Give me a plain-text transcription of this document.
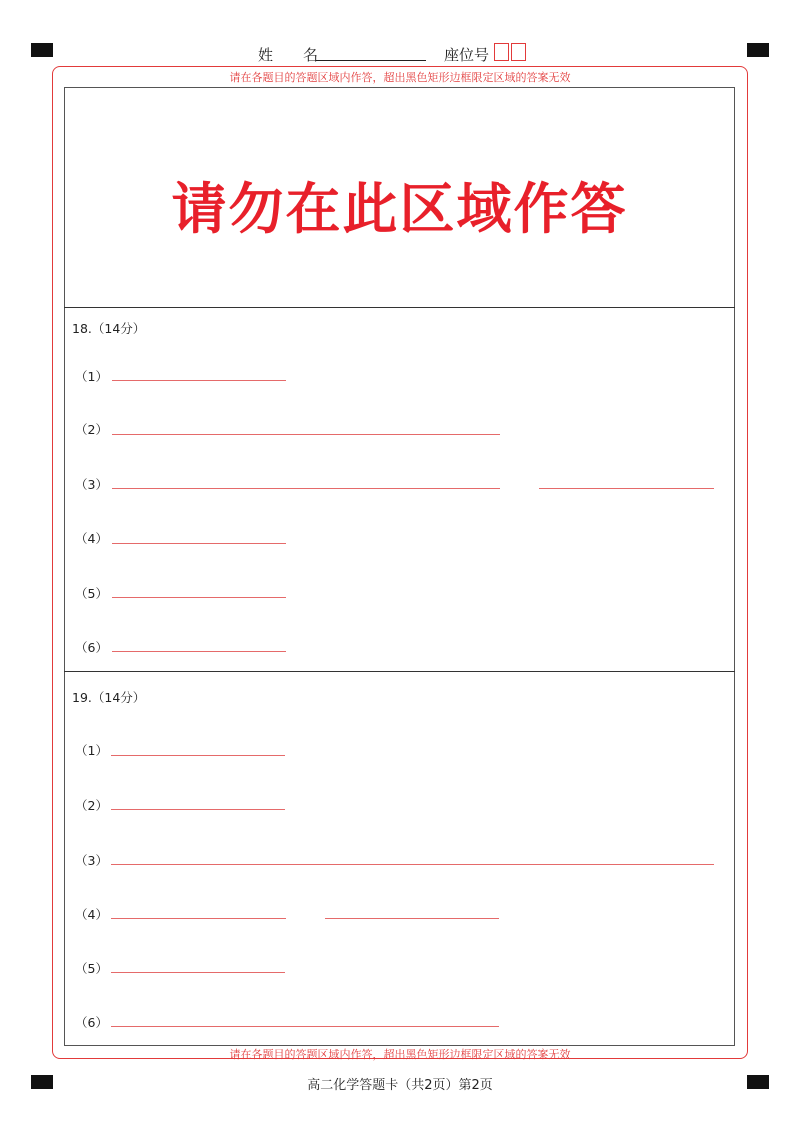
姓　　名	座位号
请在各题目的答题区域内作答，超出黑色矩形边框限定区域的答案无效
请在各题目的答题区域内作答，超出黑色矩形边框限定区域的答案无效
请勿在此区域作答
18.（14分）
（1）
（2）
（3）
（4）
（5）
（6）
19.（14分）
（1）
（2）
（3）
（4）
（5）
（6）
高二化学答题卡（共2页）第2页
